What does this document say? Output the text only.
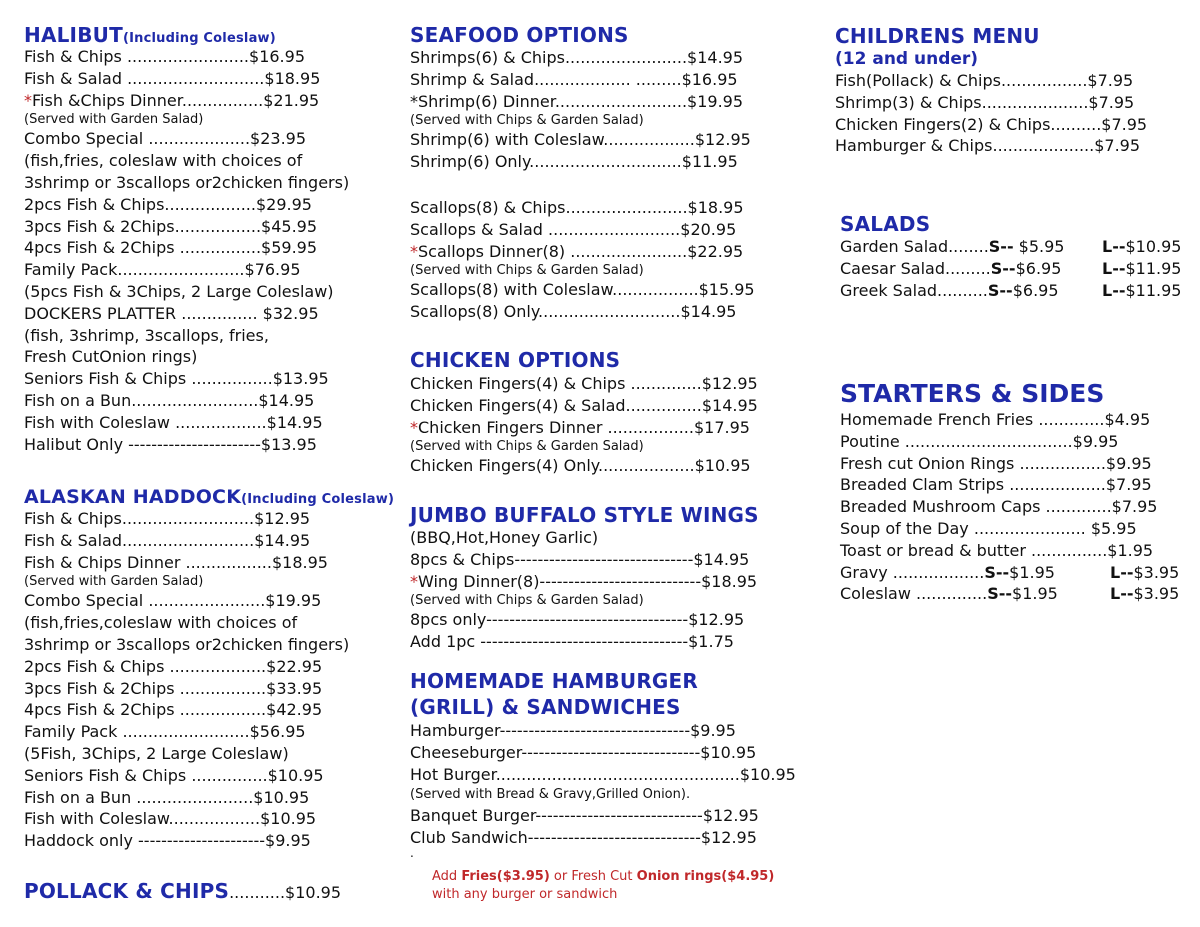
HALIBUT(Including Coleslaw)
Fish & Chips ........................$16.95
Fish & Salad ...........................$18.95
*Fish &Chips Dinner................$21.95
(Served with Garden Salad)
Combo Special ....................$23.95
(fish,fries, coleslaw with choices of
3shrimp or 3scallops or2chicken fingers)
2pcs Fish & Chips..................$29.95
3pcs Fish & 2Chips.................$45.95
4pcs Fish & 2Chips ................$59.95
Family Pack.........................$76.95
(5pcs Fish & 3Chips, 2 Large Coleslaw)
DOCKERS PLATTER ............... $32.95
(fish, 3shrimp, 3scallops, fries,
Fresh CutOnion rings)
Seniors Fish & Chips ................$13.95
Fish on a Bun.........................$14.95
Fish with Coleslaw ..................$14.95
Halibut Only -----------------------$13.95
ALASKAN HADDOCK(Including Coleslaw)
Fish & Chips..........................$12.95
Fish & Salad..........................$14.95
Fish & Chips Dinner .................$18.95
(Served with Garden Salad)
Combo Special .......................$19.95
(fish,fries,coleslaw with choices of
3shrimp or 3scallops or2chicken fingers)
2pcs Fish & Chips ...................$22.95
3pcs Fish & 2Chips .................$33.95
4pcs Fish & 2Chips .................$42.95
Family Pack .........................$56.95
(5Fish, 3Chips, 2 Large Coleslaw)
Seniors Fish & Chips ...............$10.95
Fish on a Bun .......................$10.95
Fish with Coleslaw..................$10.95
Haddock only ----------------------$9.95
POLLACK & CHIPS...........$10.95
SEAFOOD OPTIONS
Shrimps(6) & Chips........................$14.95
Shrimp & Salad................... .........$16.95
*Shrimp(6) Dinner..........................$19.95
(Served with Chips & Garden Salad)
Shrimp(6) with Coleslaw..................$12.95
Shrimp(6) Only..............................$11.95
Scallops(8) & Chips........................$18.95
Scallops & Salad ..........................$20.95
*Scallops Dinner(8) .......................$22.95
(Served with Chips & Garden Salad)
Scallops(8) with Coleslaw.................$15.95
Scallops(8) Only............................$14.95
CHICKEN OPTIONS
Chicken Fingers(4) & Chips ..............$12.95
Chicken Fingers(4) & Salad...............$14.95
*Chicken Fingers Dinner .................$17.95
(Served with Chips & Garden Salad)
Chicken Fingers(4) Only...................$10.95
JUMBO BUFFALO STYLE WINGS
(BBQ,Hot,Honey Garlic)
8pcs & Chips-------------------------------$14.95
*Wing Dinner(8)----------------------------$18.95
(Served with Chips & Garden Salad)
8pcs only-----------------------------------$12.95
Add 1pc ------------------------------------$1.75
HOMEMADE HAMBURGER
(GRILL) & SANDWICHES
Hamburger---------------------------------$9.95
Cheeseburger-------------------------------$10.95
Hot Burger................................................$10.95
(Served with Bread & Gravy,Grilled Onion).
Banquet Burger-----------------------------$12.95
Club Sandwich------------------------------$12.95
.
Add Fries($3.95) or Fresh Cut Onion rings($4.95)
with any burger or sandwich
CHILDRENS MENU
(12 and under)
Fish(Pollack) & Chips.................$7.95
Shrimp(3) & Chips.....................$7.95
Chicken Fingers(2) & Chips..........$7.95
Hamburger & Chips....................$7.95
SALADS
Garden Salad........S-- $5.95	L--$10.95
Caesar Salad.........S--$6.95	L--$11.95
Greek Salad..........S--$6.95	L--$11.95
STARTERS & SIDES
Homemade French Fries .............$4.95
Poutine .................................$9.95
Fresh cut Onion Rings .................$9.95
Breaded Clam Strips ...................$7.95
Breaded Mushroom Caps .............$7.95
Soup of the Day ...................... $5.95
Toast or bread & butter ...............$1.95
Gravy ..................S--$1.95	L--$3.95
Coleslaw ..............S--$1.95	L--$3.95
